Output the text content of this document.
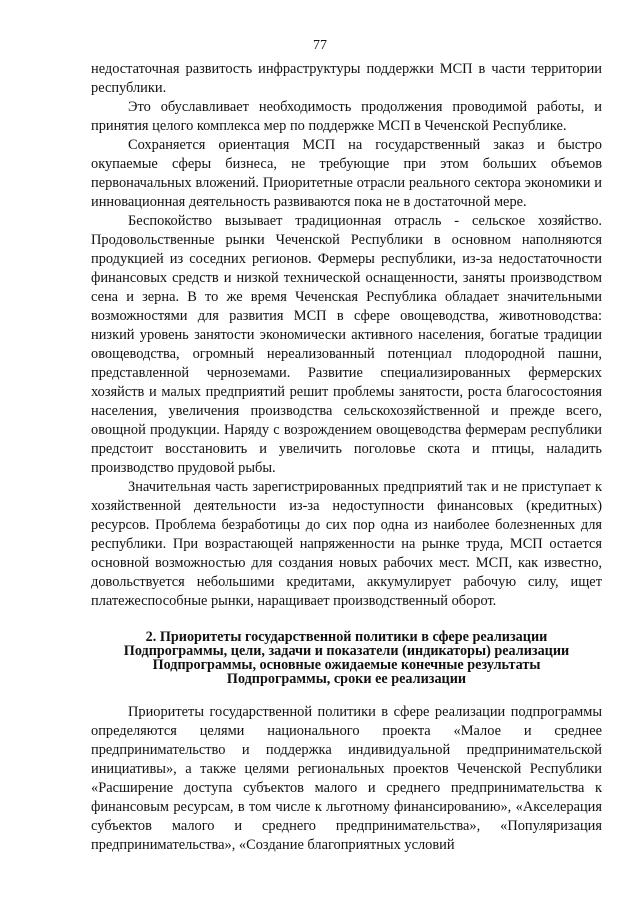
77

недостаточная развитость инфраструктуры поддержки МСП в части территории республики.

Это обуславливает необходимость продолжения проводимой работы, и принятия целого комплекса мер по поддержке МСП в Чеченской Республике.

Сохраняется ориентация МСП на государственный заказ и быстро окупаемые сферы бизнеса, не требующие при этом больших объемов первоначальных вложений. Приоритетные отрасли реального сектора экономики и инновационная деятельность развиваются пока не в достаточной мере.

Беспокойство вызывает традиционная отрасль - сельское хозяйство. Продовольственные рынки Чеченской Республики в основном наполняются продукцией из соседних регионов. Фермеры республики, из-за недостаточности финансовых средств и низкой технической оснащенности, заняты производством сена и зерна. В то же время Чеченская Республика обладает значительными возможностями для развития МСП в сфере овощеводства, животноводства: низкий уровень занятости экономически активного населения, богатые традиции овощеводства, огромный нереализованный потенциал плодородной пашни, представленной черноземами. Развитие специализированных фермерских хозяйств и малых предприятий решит проблемы занятости, роста благосостояния населения, увеличения производства сельскохозяйственной и прежде всего, овощной продукции. Наряду с возрождением овощеводства фермерам республики предстоит восстановить и увеличить поголовье скота и птицы, наладить производство прудовой рыбы.

Значительная часть зарегистрированных предприятий так и не приступает к хозяйственной деятельности из-за недоступности финансовых (кредитных) ресурсов. Проблема безработицы до сих пор одна из наиболее болезненных для республики. При возрастающей напряженности на рынке труда, МСП остается основной возможностью для создания новых рабочих мест. МСП, как известно, довольствуется небольшими кредитами, аккумулирует рабочую силу, ищет платежеспособные рынки, наращивает производственный оборот.

2. Приоритеты государственной политики в сфере реализации
Подпрограммы, цели, задачи и показатели (индикаторы) реализации
Подпрограммы, основные ожидаемые конечные результаты
Подпрограммы, сроки ее реализации

Приоритеты государственной политики в сфере реализации подпрограммы определяются целями национального проекта «Малое и среднее предпринимательство и поддержка индивидуальной предпринимательской инициативы», а также целями региональных проектов Чеченской Республики «Расширение доступа субъектов малого и среднего предпринимательства к финансовым ресурсам, в том числе к льготному финансированию», «Акселерация субъектов малого и среднего предпринимательства», «Популяризация предпринимательства», «Создание благоприятных условий
